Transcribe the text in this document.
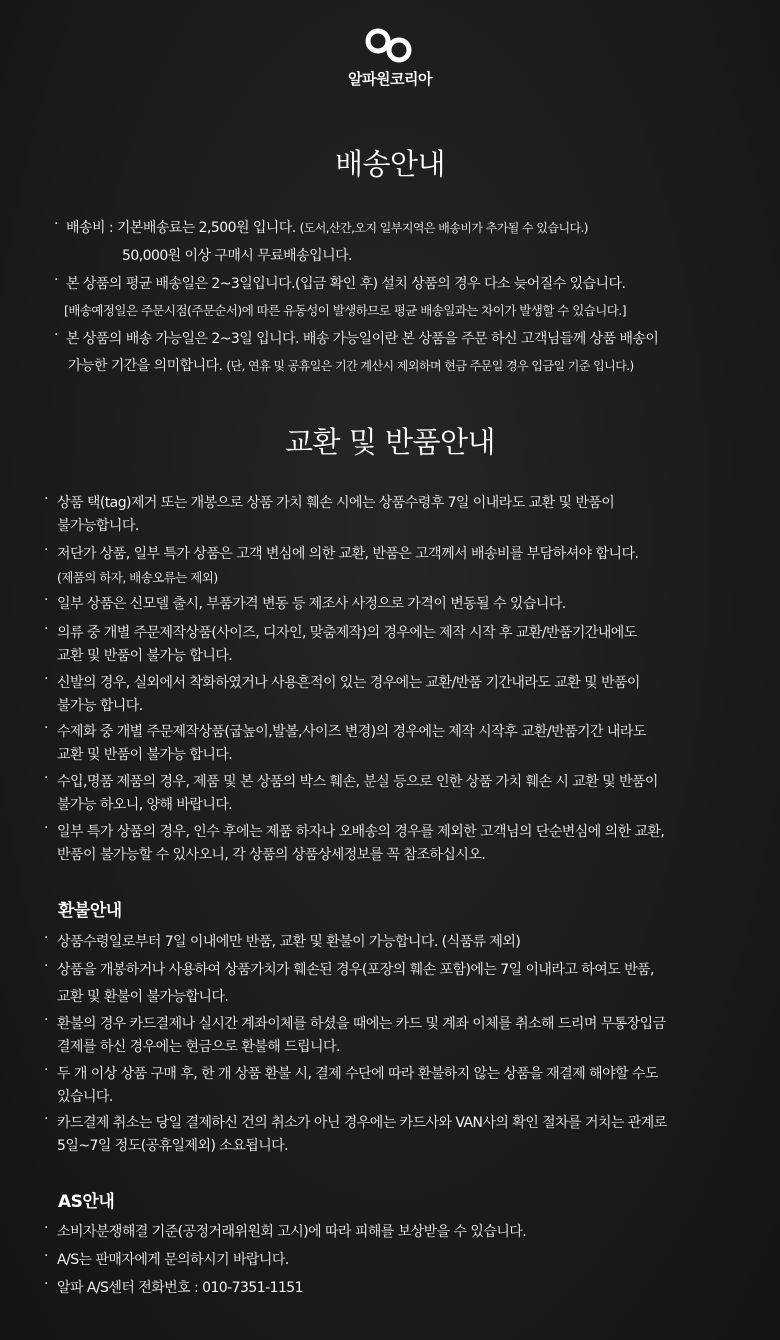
알파원코리아
배송안내
· 배송비 : 기본배송료는 2,500원 입니다. (도서,산간,오지 일부지역은 배송비가 추가될 수 있습니다.)
50,000원 이상 구매시 무료배송입니다.
· 본 상품의 평균 배송일은 2~3일입니다.(입금 확인 후) 설치 상품의 경우 다소 늦어질수 있습니다.
[배송예정일은 주문시점(주문순서)에 따른 유동성이 발생하므로 평균 배송일과는 차이가 발생할 수 있습니다.]
· 본 상품의 배송 가능일은 2~3일 입니다. 배송 가능일이란 본 상품을 주문 하신 고객님들께 상품 배송이
가능한 기간을 의미합니다. (단, 연휴 및 공휴일은 기간 계산시 제외하며 현금 주문일 경우 입금일 기준 입니다.)
교환 및 반품안내
· 상품 택(tag)제거 또는 개봉으로 상품 가치 훼손 시에는 상품수령후 7일 이내라도 교환 및 반품이
불가능합니다.
· 저단가 상품, 일부 특가 상품은 고객 변심에 의한 교환, 반품은 고객께서 배송비를 부담하셔야 합니다.
(제품의 하자, 배송오류는 제외)
· 일부 상품은 신모델 출시, 부품가격 변동 등 제조사 사정으로 가격이 변동될 수 있습니다.
· 의류 중 개별 주문제작상품(사이즈, 디자인, 맞춤제작)의 경우에는 제작 시작 후 교환/반품기간내에도
교환 및 반품이 불가능 합니다.
· 신발의 경우, 실외에서 착화하였거나 사용흔적이 있는 경우에는 교환/반품 기간내라도 교환 및 반품이
불가능 합니다.
· 수제화 중 개별 주문제작상품(굽높이,발볼,사이즈 변경)의 경우에는 제작 시작후 교환/반품기간 내라도
교환 및 반품이 불가능 합니다.
· 수입,명품 제품의 경우, 제품 및 본 상품의 박스 훼손, 분실 등으로 인한 상품 가치 훼손 시 교환 및 반품이
불가능 하오니, 양해 바랍니다.
· 일부 특가 상품의 경우, 인수 후에는 제품 하자나 오배송의 경우를 제외한 고객님의 단순변심에 의한 교환,
반품이 불가능할 수 있사오니, 각 상품의 상품상세정보를 꼭 참조하십시오.
환불안내
· 상품수령일로부터 7일 이내에만 반품, 교환 및 환불이 가능합니다. (식품류 제외)
· 상품을 개봉하거나 사용하여 상품가치가 훼손된 경우(포장의 훼손 포함)에는 7일 이내라고 하여도 반품,
교환 및 환불이 불가능합니다.
· 환불의 경우 카드결제나 실시간 계좌이체를 하셨을 때에는 카드 및 계좌 이체를 취소해 드리며 무통장입금
결제를 하신 경우에는 현금으로 환불해 드립니다.
· 두 개 이상 상품 구매 후, 한 개 상품 환불 시, 결제 수단에 따라 환불하지 않는 상품을 재결제 해야할 수도
있습니다.
· 카드결제 취소는 당일 결제하신 건의 취소가 아닌 경우에는 카드사와 VAN사의 확인 절차를 거치는 관계로
5일~7일 정도(공휴일제외) 소요됩니다.
AS안내
· 소비자분쟁해결 기준(공정거래위원회 고시)에 따라 피해를 보상받을 수 있습니다.
· A/S는 판매자에게 문의하시기 바랍니다.
· 알파 A/S센터 전화번호 : 010-7351-1151
